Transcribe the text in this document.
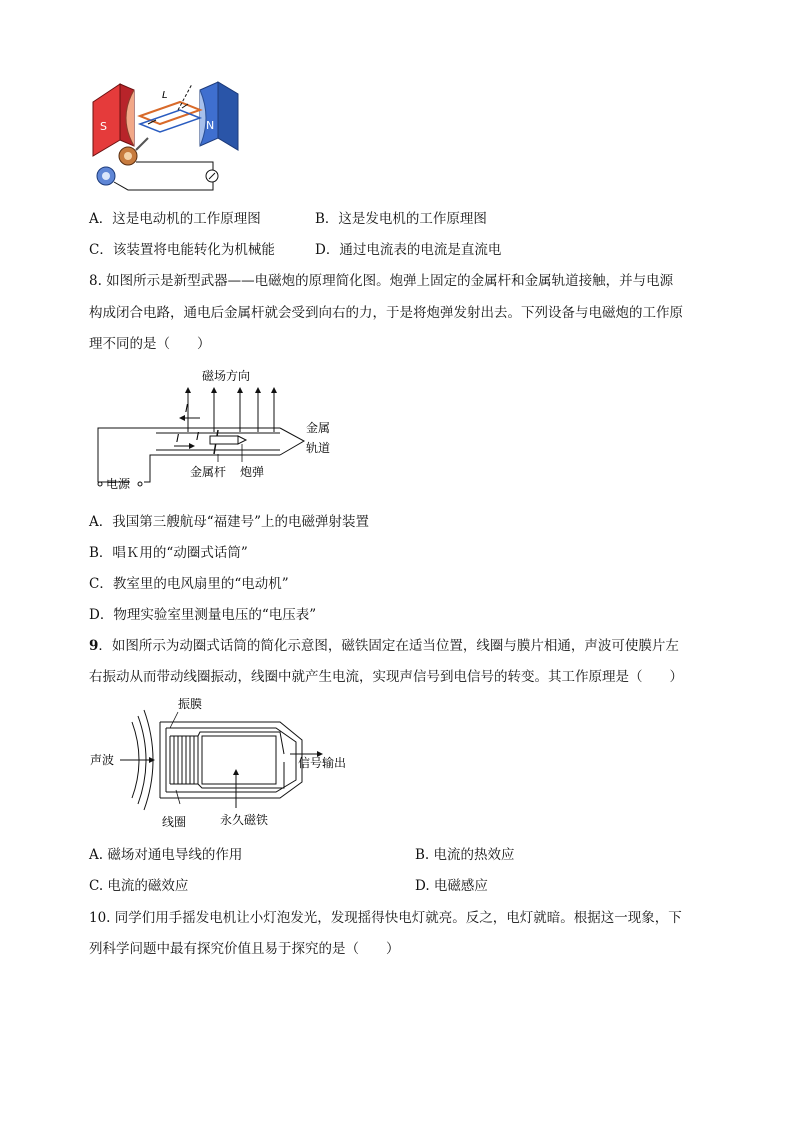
S	N
L
A．这是电动机的工作原理图	B．这是发电机的工作原理图
C．该装置将电能转化为机械能	D．通过电流表的电流是直流电
8. 如图所示是新型武器——电磁炮的原理简化图。炮弹上固定的金属杆和金属轨道接触，并与电源
构成闭合电路，通电后金属杆就会受到向右的力，于是将炮弹发射出去。下列设备与电磁炮的工作原
理不同的是（　　）
磁场方向
电源
I
I I
金属杆 炮弹
金属
轨道
A．我国第三艘航母“福建号”上的电磁弹射装置
B．唱Ｋ用的“动圈式话筒”
C．教室里的电风扇里的“电动机”
D．物理实验室里测量电压的“电压表”
9．如图所示为动圈式话筒的简化示意图，磁铁固定在适当位置，线圈与膜片相通，声波可使膜片左
右振动从而带动线圈振动，线圈中就产生电流，实现声信号到电信号的转变。其工作原理是（　　）
声波
振膜
信号输出
线圈	永久磁铁
A. 磁场对通电导线的作用	B. 电流的热效应
C. 电流的磁效应	D. 电磁感应
10. 同学们用手摇发电机让小灯泡发光，发现摇得快电灯就亮。反之，电灯就暗。根据这一现象，下
列科学问题中最有探究价值且易于探究的是（　　）
